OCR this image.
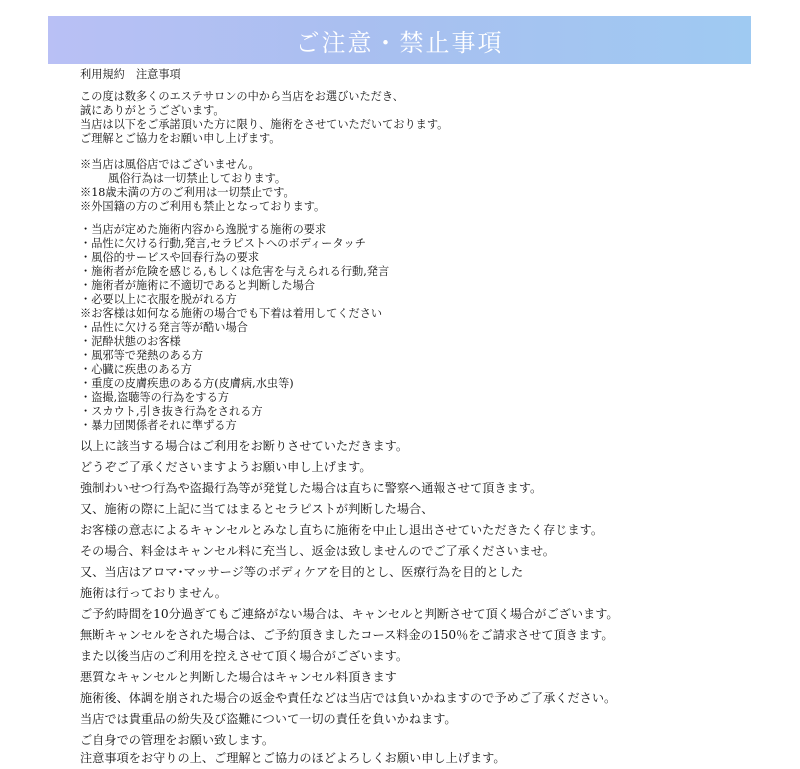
ご注意・禁止事項
利用規約　注意事項
この度は数多くのエステサロンの中から当店をお選びいただき、
誠にありがとうございます。
当店は以下をご承諾頂いた方に限り、施術をさせていただいております。
ご理解とご協力をお願い申し上げます。
※当店は風俗店ではございません。
風俗行為は一切禁止しております。
※18歳未満の方のご利用は一切禁止です。
※外国籍の方のご利用も禁止となっております。
・当店が定めた施術内容から逸脱する施術の要求
・品性に欠ける行動,発言,セラピストへのボディータッチ
・風俗的サービスや回春行為の要求
・施術者が危険を感じる,もしくは危害を与えられる行動,発言
・施術者が施術に不適切であると判断した場合
・必要以上に衣服を脱がれる方
※お客様は如何なる施術の場合でも下着は着用してください
・品性に欠ける発言等が酷い場合
・泥酔状態のお客様
・風邪等で発熱のある方
・心臓に疾患のある方
・重度の皮膚疾患のある方(皮膚病,水虫等)
・盗撮,盗聴等の行為をする方
・スカウト,引き抜き行為をされる方
・暴力団関係者それに準ずる方
以上に該当する場合はご利用をお断りさせていただきます。
どうぞご了承くださいますようお願い申し上げます。
強制わいせつ行為や盗撮行為等が発覚した場合は直ちに警察へ通報させて頂きます。
又、施術の際に上記に当てはまるとセラピストが判断した場合、
お客様の意志によるキャンセルとみなし直ちに施術を中止し退出させていただきたく存じます。
その場合、料金はキャンセル料に充当し、返金は致しませんのでご了承くださいませ。
又、当店はアロマ･マッサージ等のボディケアを目的とし、医療行為を目的とした
施術は行っておりません。
ご予約時間を10分過ぎてもご連絡がない場合は、キャンセルと判断させて頂く場合がございます。
無断キャンセルをされた場合は、ご予約頂きましたコース料金の150％をご請求させて頂きます。
また以後当店のご利用を控えさせて頂く場合がございます。
悪質なキャンセルと判断した場合はキャンセル料頂きます
施術後、体調を崩された場合の返金や責任などは当店では負いかねますので予めご了承ください。
当店では貴重品の紛失及び盗難について一切の責任を負いかねます。
ご自身での管理をお願い致します。
注意事項をお守りの上、ご理解とご協力のほどよろしくお願い申し上げます。
